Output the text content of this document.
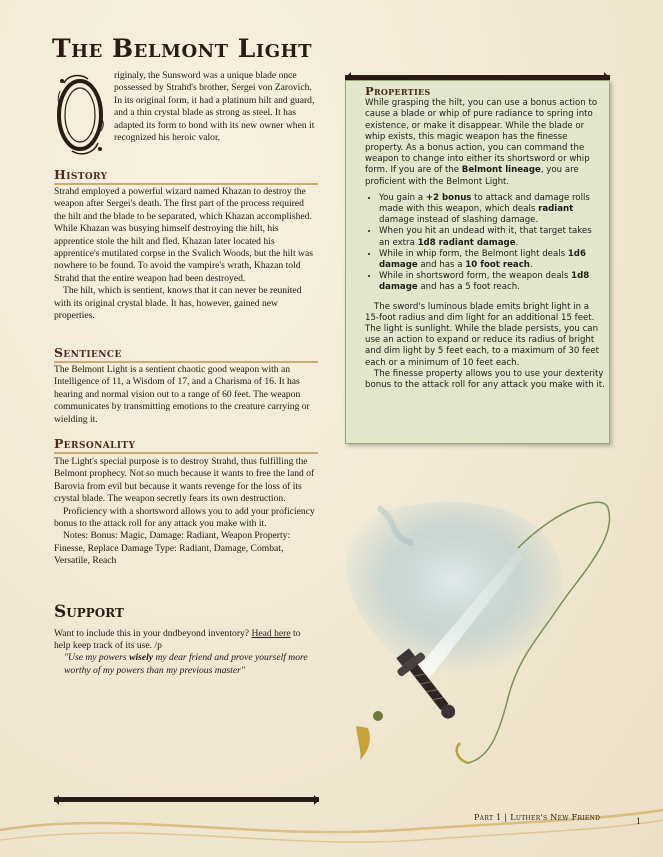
The Belmont Light

riginaly, the Sunsword was a unique blade once possessed by Strahd's brother, Sergei von Zarovich. In its original form, it had a platinum hilt and guard, and a thin crystal blade as strong as steel. It has adapted its form to bond with its new owner when it recognized his heroic valor.

History

Strahd employed a powerful wizard named Khazan to destroy the weapon after Sergei's death. The first part of the process required the hilt and the blade to be separated, which Khazan accomplished. While Khazan was busying himself destroying the hilt, his apprentice stole the hilt and fled. Khazan later located his apprentice's mutilated corpse in the Svalich Woods, but the hilt was nowhere to be found. To avoid the vampire's wrath, Khazan told Strahd that the entire weapon had been destroyed.

The hilt, which is sentient, knows that it can never be reunited with its original crystal blade. It has, however, gained new properties.

Sentience

The Belmont Light is a sentient chaotic good weapon with an Intelligence of 11, a Wisdom of 17, and a Charisma of 16. It has hearing and normal vision out to a range of 60 feet. The weapon communicates by transmitting emotions to the creature carrying or wielding it.

Personality

The Light's special purpose is to destroy Strahd, thus fulfilling the Belmont prophecy. Not so much because it wants to free the land of Barovia from evil but because it wants revenge for the loss of its crystal blade. The weapon secretly fears its own destruction.

Proficiency with a shortsword allows you to add your proficiency bonus to the attack roll for any attack you make with it.

Notes: Bonus: Magic, Damage: Radiant, Weapon Property: Finesse, Replace Damage Type: Radiant, Damage, Combat, Versatile, Reach

Support

Want to include this in your dndbeyond inventory? Head here to help keep track of its use. /p

"Use my powers wisely my dear friend and prove yourself more worthy of my powers than my previous master"

Properties

While grasping the hilt, you can use a bonus action to cause a blade or whip of pure radiance to spring into existence, or make it disappear. While the blade or whip exists, this magic weapon has the finesse property. As a bonus action, you can command the weapon to change into either its shortsword or whip form. If you are of the Belmont lineage, you are proficient with the Belmont Light.

• You gain a +2 bonus to attack and damage rolls made with this weapon, which deals radiant damage instead of slashing damage.
• When you hit an undead with it, that target takes an extra 1d8 radiant damage.
• While in whip form, the Belmont light deals 1d6 damage and has a 10 foot reach.
• While in shortsword form, the weapon deals 1d8 damage and has a 5 foot reach.

The sword's luminous blade emits bright light in a 15-foot radius and dim light for an additional 15 feet. The light is sunlight. While the blade persists, you can use an action to expand or reduce its radius of bright and dim light by 5 feet each, to a maximum of 30 feet each or a minimum of 10 feet each.

The finesse property allows you to use your dexterity bonus to the attack roll for any attack you make with it.

Part 1 | Luther's New Friend	1
